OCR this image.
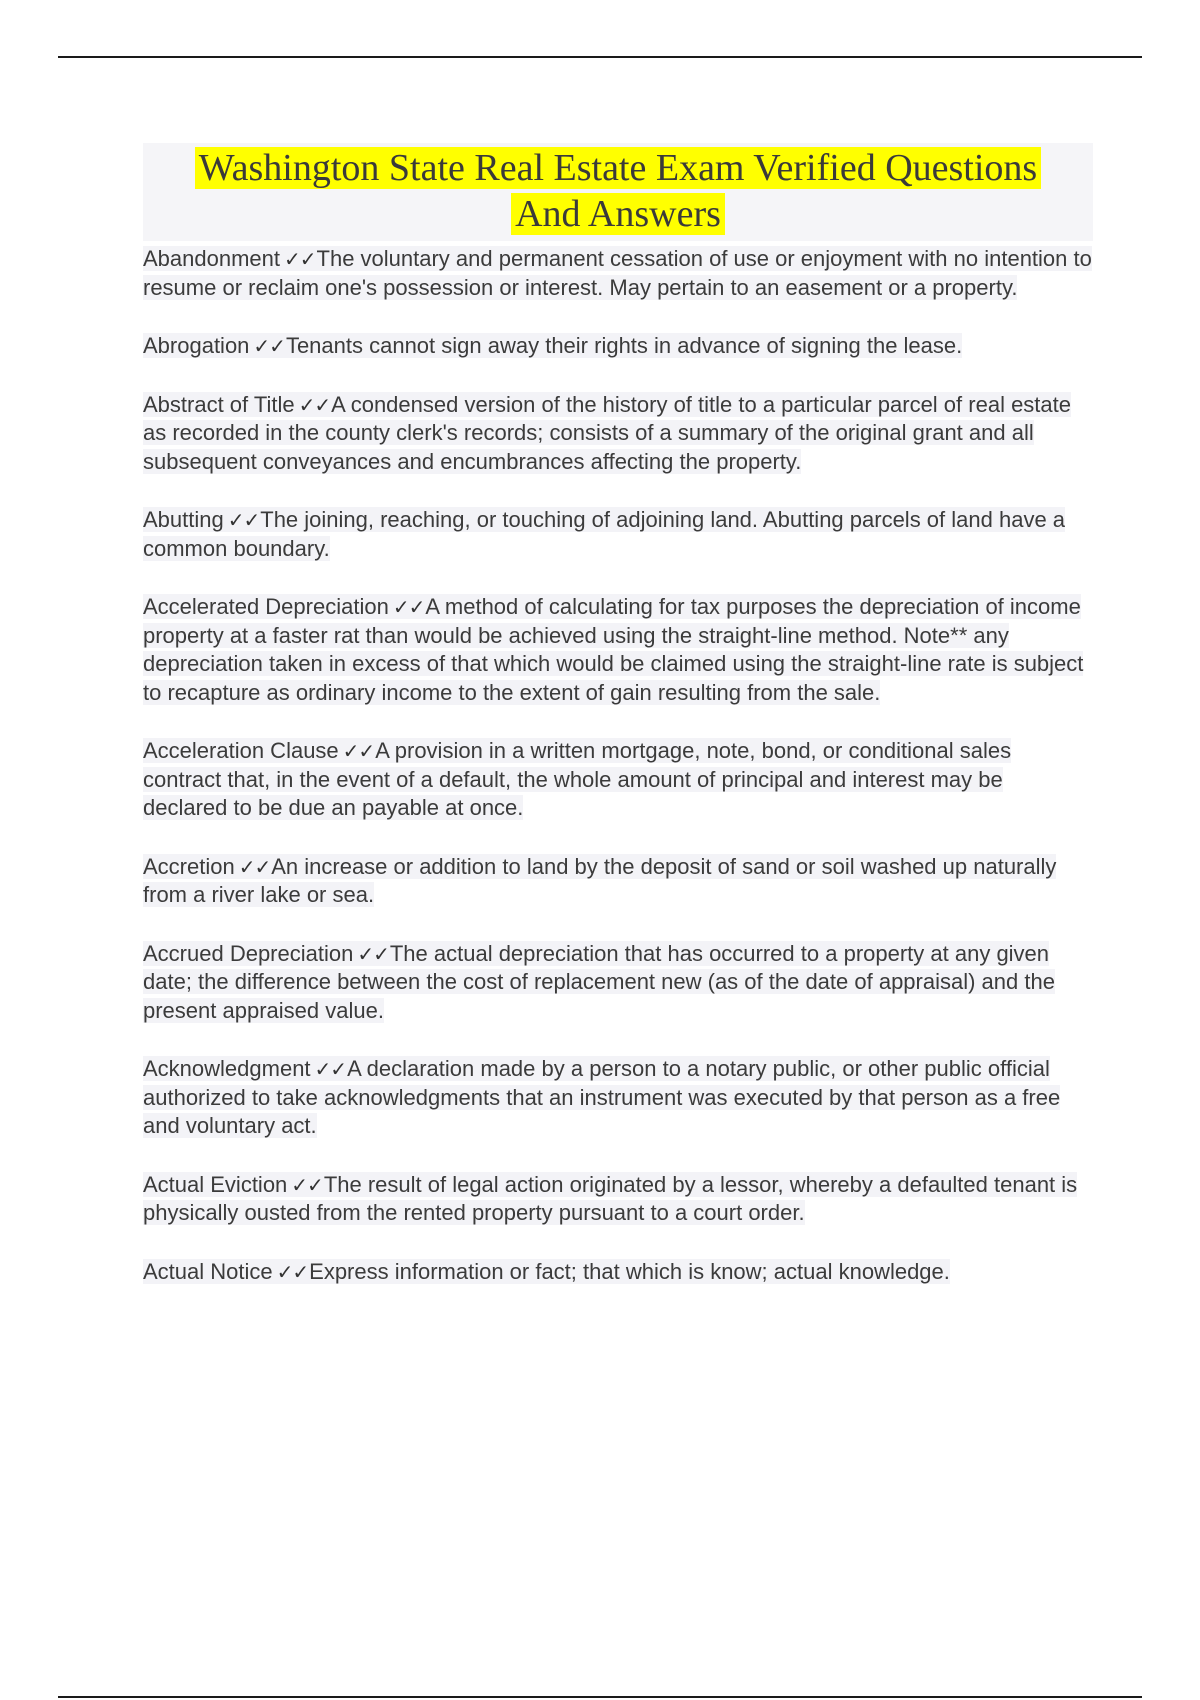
Washington State Real Estate Exam Verified Questions
And Answers

Abandonment ✓✓The voluntary and permanent cessation of use or enjoyment with no intention to resume or reclaim one's possession or interest. May pertain to an easement or a property.

Abrogation ✓✓Tenants cannot sign away their rights in advance of signing the lease.

Abstract of Title ✓✓A condensed version of the history of title to a particular parcel of real estate as recorded in the county clerk's records; consists of a summary of the original grant and all subsequent conveyances and encumbrances affecting the property.

Abutting ✓✓The joining, reaching, or touching of adjoining land. Abutting parcels of land have a common boundary.

Accelerated Depreciation ✓✓A method of calculating for tax purposes the depreciation of income property at a faster rat than would be achieved using the straight-line method. Note** any depreciation taken in excess of that which would be claimed using the straight-line rate is subject to recapture as ordinary income to the extent of gain resulting from the sale.

Acceleration Clause ✓✓A provision in a written mortgage, note, bond, or conditional sales contract that, in the event of a default, the whole amount of principal and interest may be declared to be due an payable at once.

Accretion ✓✓An increase or addition to land by the deposit of sand or soil washed up naturally from a river lake or sea.

Accrued Depreciation ✓✓The actual depreciation that has occurred to a property at any given date; the difference between the cost of replacement new (as of the date of appraisal) and the present appraised value.

Acknowledgment ✓✓A declaration made by a person to a notary public, or other public official authorized to take acknowledgments that an instrument was executed by that person as a free and voluntary act.

Actual Eviction ✓✓The result of legal action originated by a lessor, whereby a defaulted tenant is physically ousted from the rented property pursuant to a court order.

Actual Notice ✓✓Express information or fact; that which is know; actual knowledge.
